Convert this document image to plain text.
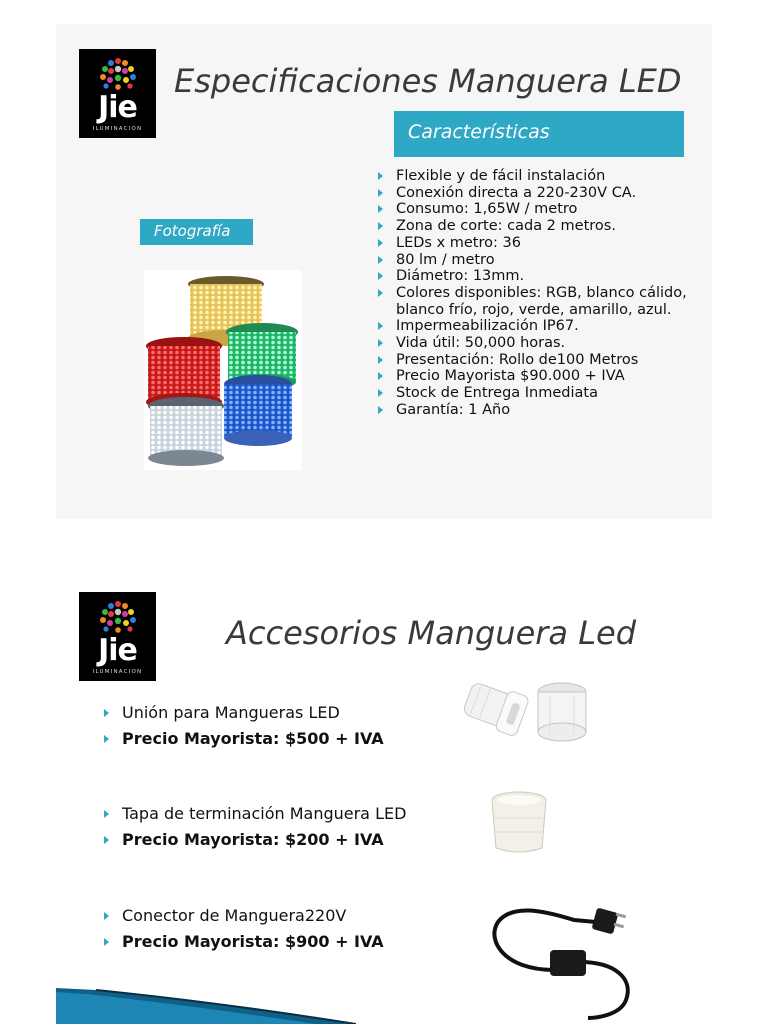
Jie
ILUMINACION
Especificaciones Manguera LED
Características
Fotografía
Flexible y de fácil instalación
Conexión directa a 220-230V CA.
Consumo: 1,65W / metro
Zona de corte: cada 2 metros.
LEDs x metro: 36
80 lm / metro
Diámetro: 13mm.
Colores disponibles: RGB, blanco cálido, blanco frío, rojo, verde, amarillo, azul.
Impermeabilización IP67.
Vida útil: 50,000 horas.
Presentación: Rollo de100 Metros
Precio Mayorista $90.000 + IVA
Stock de Entrega Inmediata
Garantía: 1 Año
Jie
ILUMINACION
Accesorios Manguera Led
Unión para Mangueras LED
Precio Mayorista: $500 + IVA
Tapa de terminación Manguera LED
Precio Mayorista: $200 + IVA
Conector de Manguera220V
Precio Mayorista: $900 + IVA
